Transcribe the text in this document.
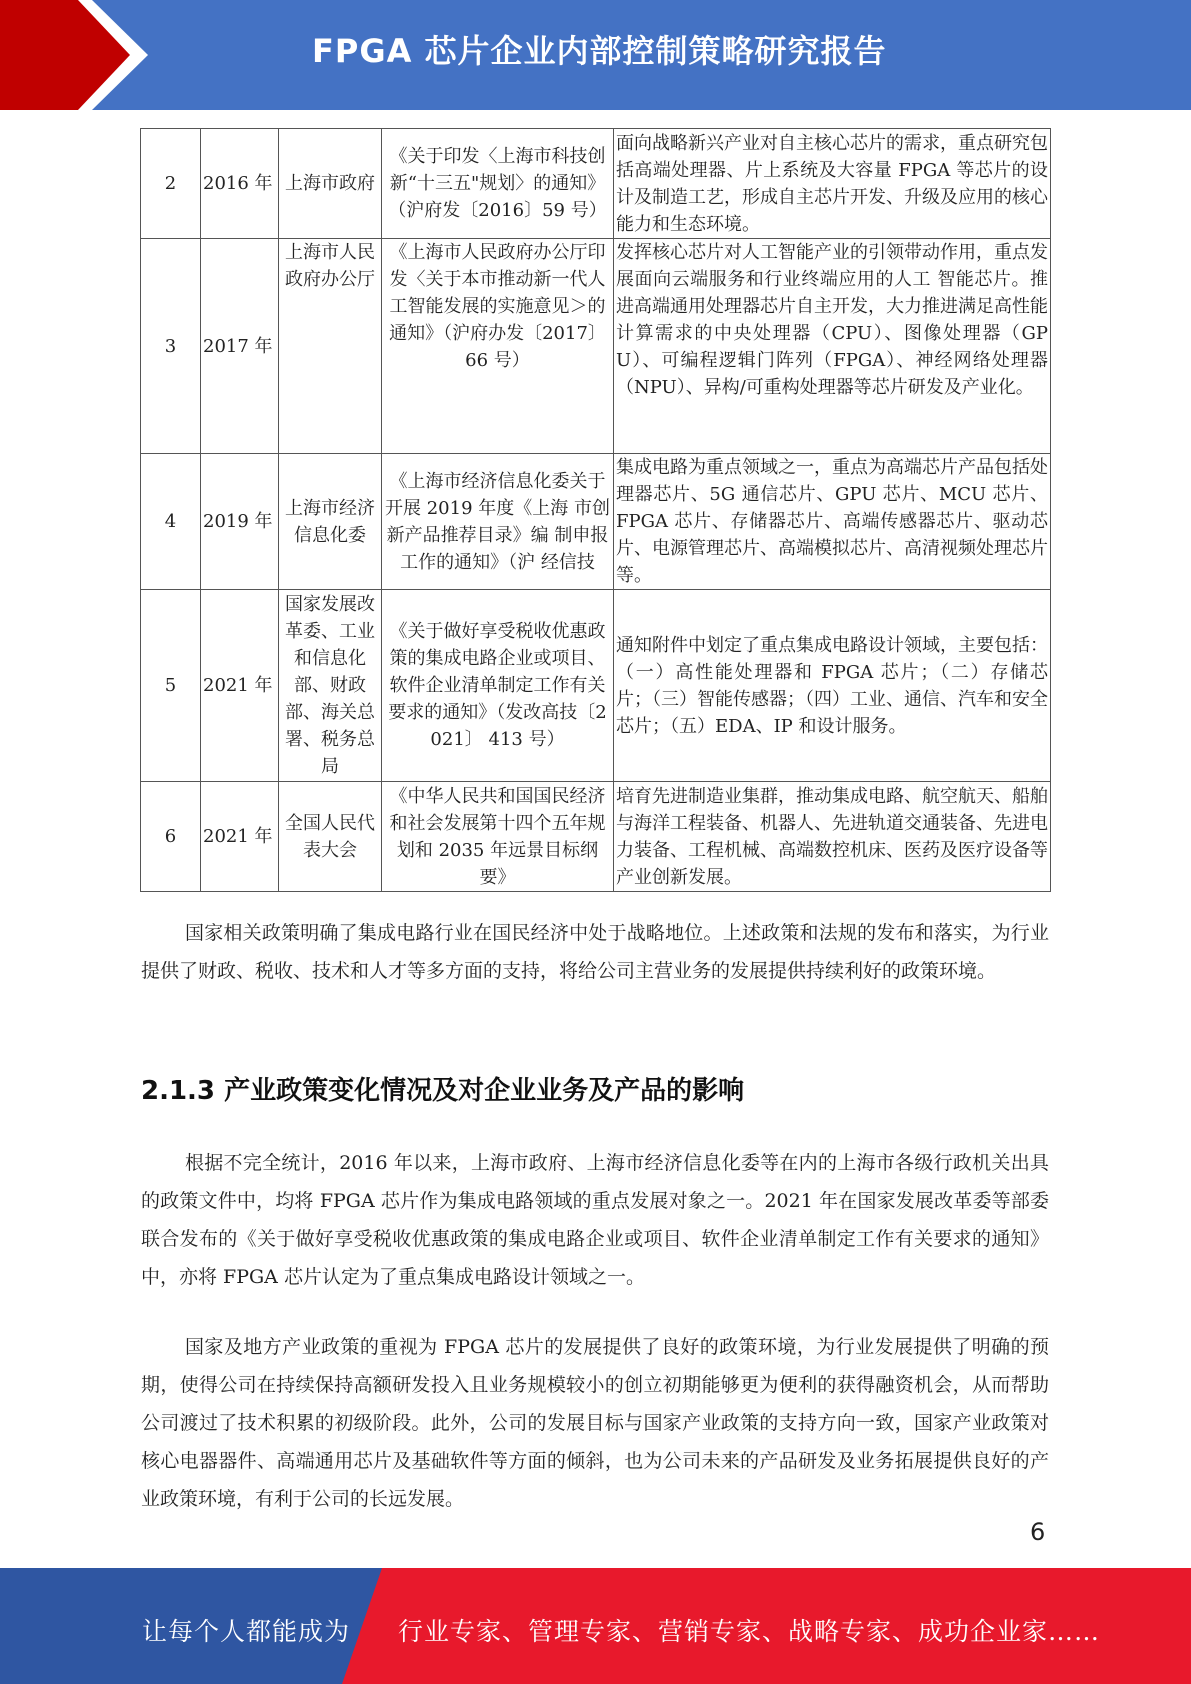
FPGA 芯片企业内部控制策略研究报告
2	2016 年	上海市政府	《关于印发〈上海市科技创新“十三五"规划〉的通知》（沪府发〔2016〕59 号）	面向战略新兴产业对自主核心芯片的需求，重点研究包括高端处理器、片上系统及大容量 FPGA 等芯片的设计及制造工艺，形成自主芯片开发、升级及应用的核心能力和生态环境。
3	2017 年	上海市人民政府办公厅	《上海市人民政府办公厅印发〈关于本市推动新一代人工智能发展的实施意见＞的通知》（沪府办发〔2017〕 66 号）	发挥核心芯片对人工智能产业的引领带动作用，重点发展面向云端服务和行业终端应用的人工 智能芯片。推进高端通用处理器芯片自主开发，大力推进满足高性能计算需求的中央处理器（CPU）、图像处理器（GPU）、可编程逻辑门阵列（FPGA）、神经网络处理器（NPU）、异构/可重构处理器等芯片研发及产业化。
4	2019 年	上海市经济信息化委	《上海市经济信息化委关于开展 2019 年度《上海 市创新产品推荐目录》编 制申报工作的通知》（沪 经信技	集成电路为重点领域之一，重点为高端芯片产品包括处理器芯片、5G 通信芯片、GPU 芯片、MCU 芯片、FPGA 芯片、存储器芯片、高端传感器芯片、驱动芯片、电源管理芯片、高端模拟芯片、高清视频处理芯片等。
5	2021 年	国家发展改革委、工业和信息化部、财政部、海关总署、税务总局	《关于做好享受税收优惠政策的集成电路企业或项目、软件企业清单制定工作有关要求的通知》（发改高技〔2021〕 413 号）	通知附件中划定了重点集成电路设计领域，主要包括：（一）高性能处理器和 FPGA 芯片；（二）存储芯片；（三）智能传感器；（四）工业、通信、汽车和安全芯片；（五）EDA、IP 和设计服务。
6	2021 年	全国人民代表大会	《中华人民共和国国民经济和社会发展第十四个五年规划和 2035 年远景目标纲要》	培育先进制造业集群，推动集成电路、航空航天、船舶与海洋工程装备、机器人、先进轨道交通装备、先进电力装备、工程机械、高端数控机床、医药及医疗设备等产业创新发展。

国家相关政策明确了集成电路行业在国民经济中处于战略地位。上述政策和法规的发布和落实，为行业提供了财政、税收、技术和人才等多方面的支持，将给公司主营业务的发展提供持续利好的政策环境。

2.1.3 产业政策变化情况及对企业业务及产品的影响

根据不完全统计，2016 年以来，上海市政府、上海市经济信息化委等在内的上海市各级行政机关出具的政策文件中，均将 FPGA 芯片作为集成电路领域的重点发展对象之一。2021 年在国家发展改革委等部委联合发布的《关于做好享受税收优惠政策的集成电路企业或项目、软件企业清单制定工作有关要求的通知》中，亦将 FPGA 芯片认定为了重点集成电路设计领域之一。

国家及地方产业政策的重视为 FPGA 芯片的发展提供了良好的政策环境，为行业发展提供了明确的预期，使得公司在持续保持高额研发投入且业务规模较小的创立初期能够更为便利的获得融资机会，从而帮助公司渡过了技术积累的初级阶段。此外，公司的发展目标与国家产业政策的支持方向一致，国家产业政策对核心电器器件、高端通用芯片及基础软件等方面的倾斜，也为公司未来的产品研发及业务拓展提供良好的产业政策环境，有利于公司的长远发展。

6
让每个人都能成为 行业专家、管理专家、营销专家、战略专家、成功企业家……
